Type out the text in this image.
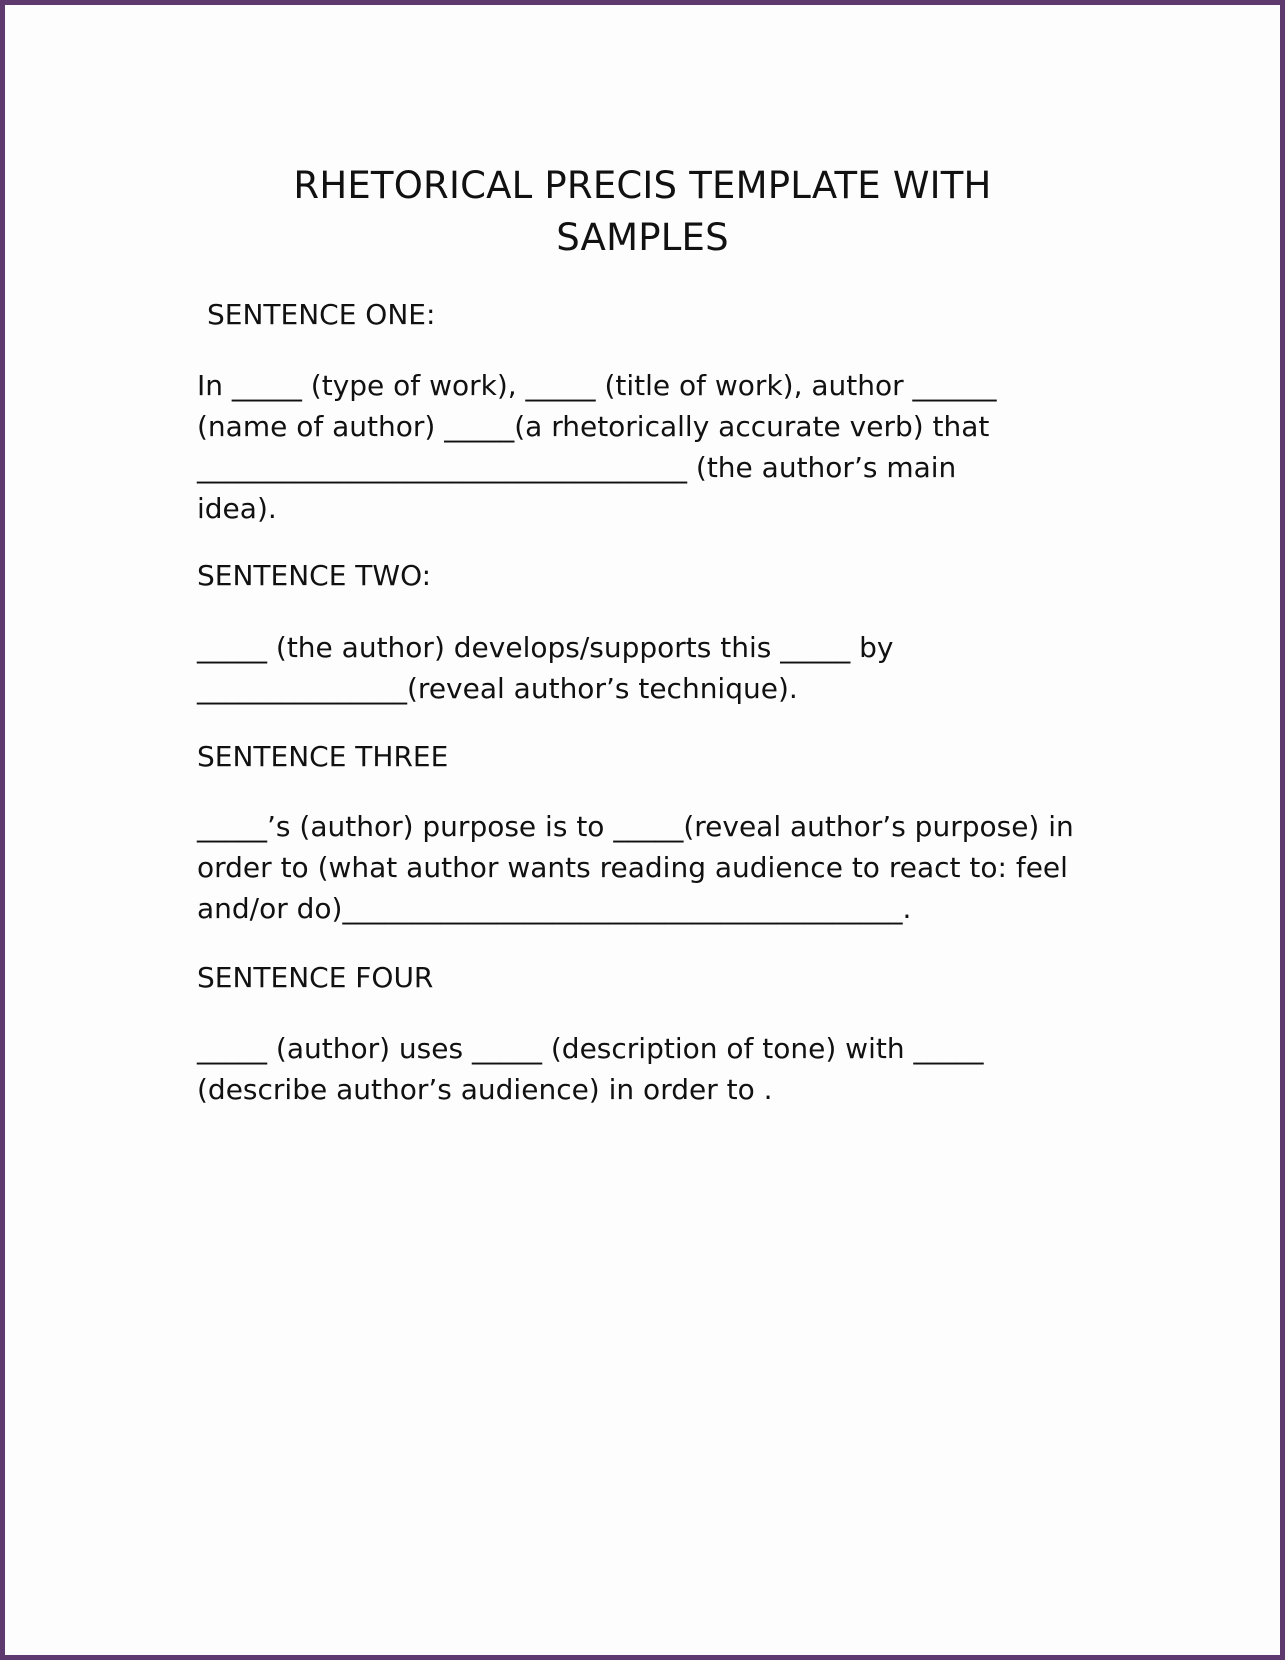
RHETORICAL PRECIS TEMPLATE WITH
SAMPLES
SENTENCE ONE:
In _____ (type of work), _____ (title of work), author ______
(name of author) _____(a rhetorically accurate verb) that
___________________________________ (the author’s main
idea).
SENTENCE TWO:
_____ (the author) develops/supports this _____ by
_______________(reveal author’s technique).
SENTENCE THREE
_____’s (author) purpose is to _____(reveal author’s purpose) in
order to (what author wants reading audience to react to: feel
and/or do)________________________________________.
SENTENCE FOUR
_____ (author) uses _____ (description of tone) with _____
(describe author’s audience) in order to .
